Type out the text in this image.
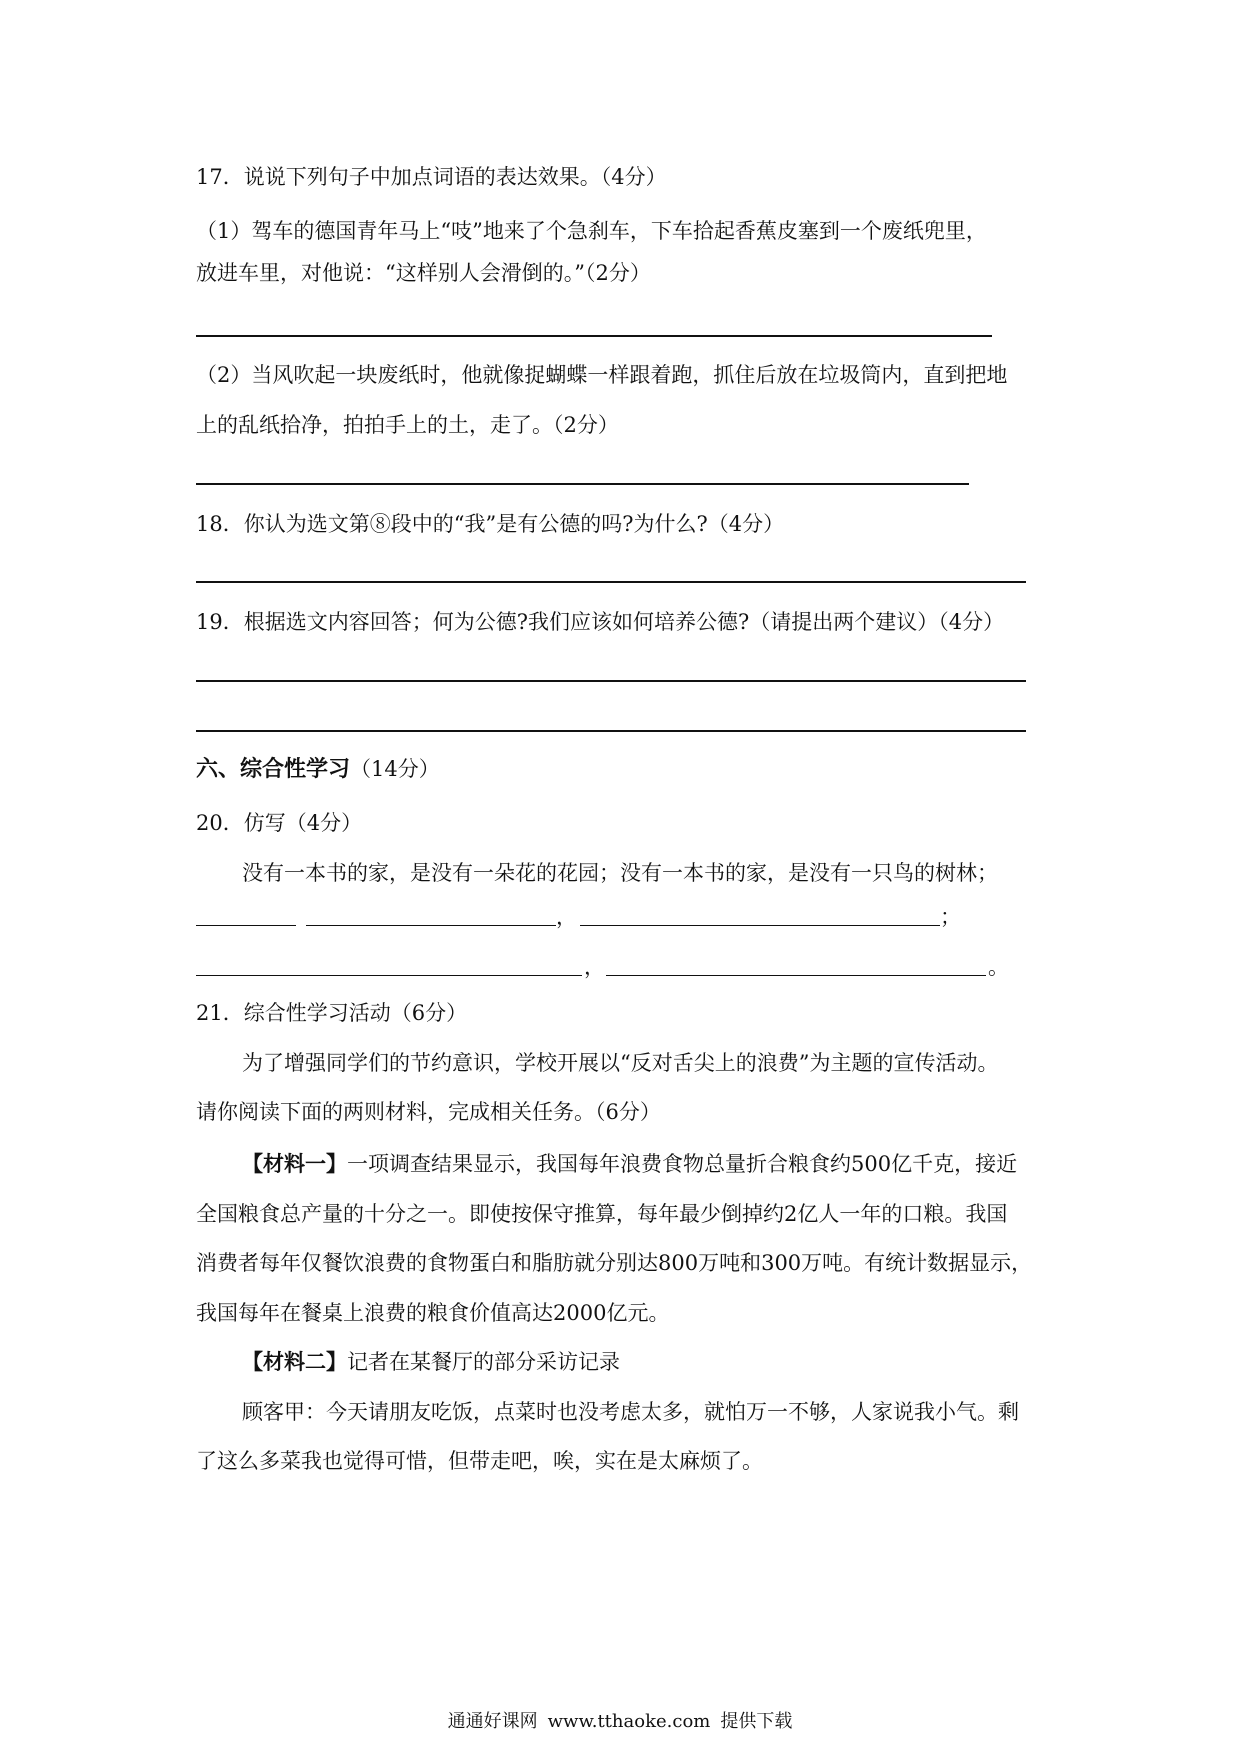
17．说说下列句子中加点词语的表达效果。（4分）
（1）驾车的德国青年马上“吱”地来了个急刹车，下车拾起香蕉皮塞到一个废纸兜里，
放进车里，对他说：“这样别人会滑倒的。”（2分）
（2）当风吹起一块废纸时，他就像捉蝴蝶一样跟着跑，抓住后放在垃圾筒内，直到把地
上的乱纸拾净，拍拍手上的土，走了。（2分）
18．你认为选文第⑧段中的“我”是有公德的吗?为什么?（4分）
19．根据选文内容回答；何为公德?我们应该如何培养公德?（请提出两个建议）（4分）
六、综合性学习（14分）
20．仿写（4分）
没有一本书的家，是没有一朵花的花园；没有一本书的家，是没有一只鸟的树林；
，	；
，	。
21．综合性学习活动（6分）
为了增强同学们的节约意识，学校开展以“反对舌尖上的浪费”为主题的宣传活动。
请你阅读下面的两则材料，完成相关任务。（6分）
【材料一】一项调查结果显示，我国每年浪费食物总量折合粮食约500亿千克，接近
全国粮食总产量的十分之一。即使按保守推算，每年最少倒掉约2亿人一年的口粮。我国
消费者每年仅餐饮浪费的食物蛋白和脂肪就分别达800万吨和300万吨。有统计数据显示，
我国每年在餐桌上浪费的粮食价值高达2000亿元。
【材料二】记者在某餐厅的部分采访记录
顾客甲：今天请朋友吃饭，点菜时也没考虑太多，就怕万一不够，人家说我小气。剩
了这么多菜我也觉得可惜，但带走吧，唉，实在是太麻烦了。
通通好课网 www.tthaoke.com 提供下载
